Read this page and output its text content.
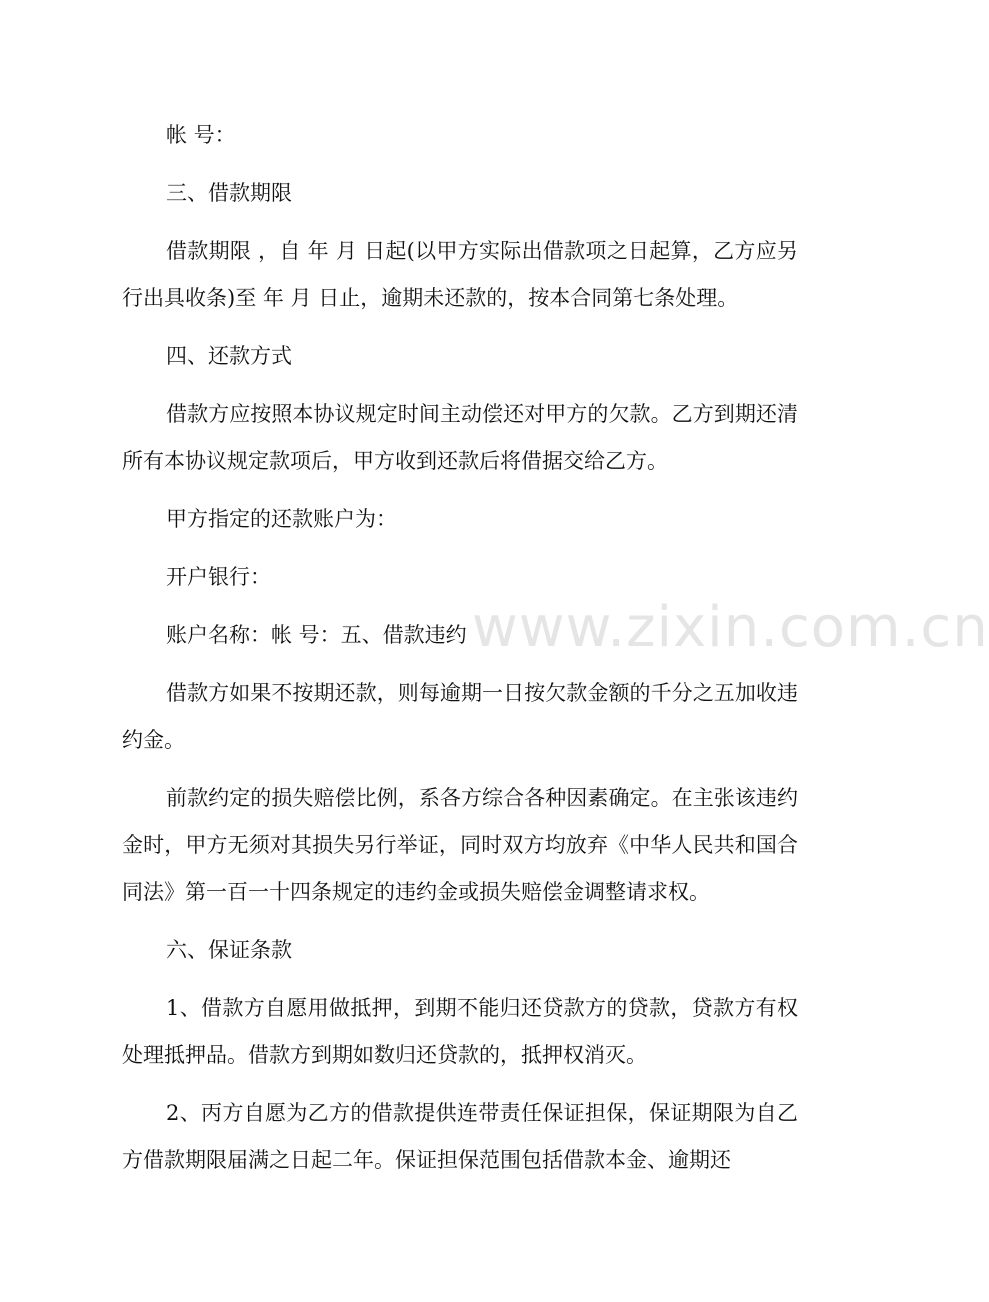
帐 号：

三、借款期限

借款期限 ，自 年 月 日起(以甲方实际出借款项之日起算，乙方应另行出具收条)至 年 月 日止，逾期未还款的，按本合同第七条处理。

四、还款方式

借款方应按照本协议规定时间主动偿还对甲方的欠款。乙方到期还清所有本协议规定款项后，甲方收到还款后将借据交给乙方。

甲方指定的还款账户为：

开户银行：

账户名称：帐 号：五、借款违约

借款方如果不按期还款，则每逾期一日按欠款金额的千分之五加收违约金。

前款约定的损失赔偿比例，系各方综合各种因素确定。在主张该违约金时，甲方无须对其损失另行举证，同时双方均放弃《中华人民共和国合同法》第一百一十四条规定的违约金或损失赔偿金调整请求权。

六、保证条款

1、借款方自愿用做抵押，到期不能归还贷款方的贷款，贷款方有权处理抵押品。借款方到期如数归还贷款的，抵押权消灭。

2、丙方自愿为乙方的借款提供连带责任保证担保，保证期限为自乙方借款期限届满之日起二年。保证担保范围包括借款本金、逾期还

www.zixin.com.cn
